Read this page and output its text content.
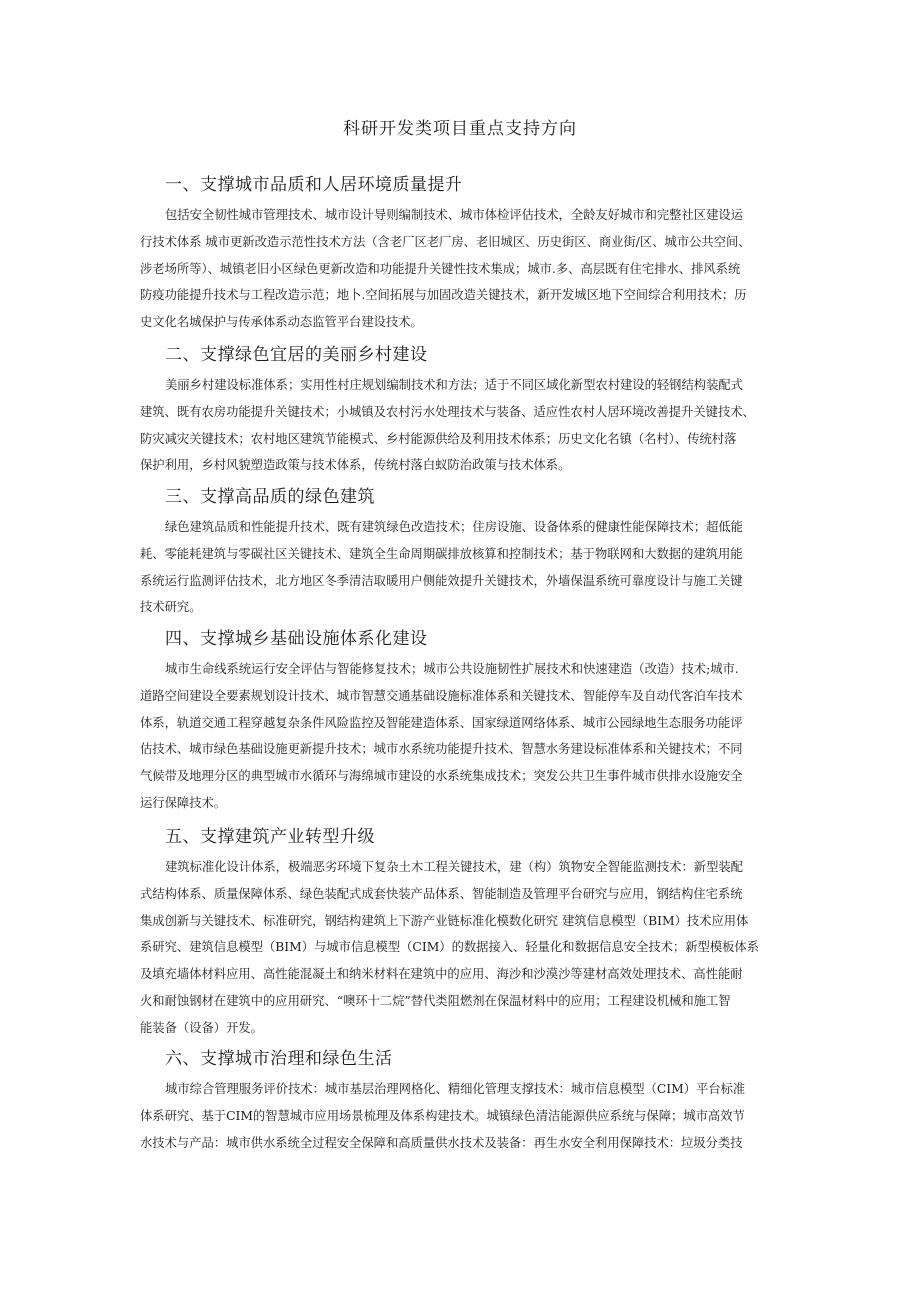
科研开发类项目重点支持方向
一、支撑城市品质和人居环境质量提升
包括安全韧性城市管理技术、城市设计导则编制技术、城市体检评估技术，全龄友好城市和完整社区建设运
行技术体系 城市更新改造示范性技术方法（含老厂区老厂房、老旧城区、历史街区、商业街/区、城市公共空间、
涉老场所等）、城镇老旧小区绿色更新改造和功能提升关键性技术集成；城市.多、高层既有住宅排水、排风系统
防疫功能提升技术与工程改造示范；地卜.空间拓展与加固改造关键技术，新开发城区地下空间综合利用技术；历
史文化名城保护与传承体系动态监管平台建设技术。
二、支撑绿色宜居的美丽乡村建设
美丽乡村建设标准体系；实用性村庄规划编制技术和方法；适于不同区域化新型农村建设的轻钢结构装配式
建筑、既有农房功能提升关键技术；小城镇及农村污水处理技术与装备、适应性农村人居环境改善提升关键技术、
防灾减灾关键技术；农村地区建筑节能模式、乡村能源供给及利用技术体系；历史文化名镇（名村）、传统村落
保护利用，乡村风貌塑造政策与技术体系，传统村落白蚁防治政策与技术体系。
三、支撑高品质的绿色建筑
绿色建筑品质和性能提升技术、既有建筑绿色改造技术；住房设施、设备体系的健康性能保障技术；超低能
耗、零能耗建筑与零碳社区关键技术、建筑全生命周期碳排放核算和控制技术；基于物联网和大数据的建筑用能
系统运行监测评估技术，北方地区冬季清洁取暖用户侧能效提升关键技术，外墙保温系统可靠度设计与施工关键
技术研究。
四、支撑城乡基础设施体系化建设
城市生命线系统运行安全评估与智能修复技术；城市公共设施韧性扩展技术和快速建造（改造）技术;城市.
道路空间建设全要素规划设计技术、城市智慧交通基础设施标准体系和关键技术、智能停车及自动代客泊车技术
体系，轨道交通工程穿越复杂条件风险监控及智能建造体系、国家绿道网络体系、城市公园绿地生态服务功能评
估技术、城市绿色基础设施更新提升技术；城市水系统功能提升技术、智慧水务建设标准体系和关键技术；不同
气候带及地理分区的典型城市水循环与海绵城市建设的水系统集成技术；突发公共卫生事件城市供排水设施安全
运行保障技术。
五、支撑建筑产业转型升级
建筑标准化设计体系，极端恶劣环境下复杂土木工程关键技术，建（构）筑物安全智能监测技术：新型装配
式结构体系、质量保障体系、绿色装配式成套快装产品体系、智能制造及管理平台研究与应用，钢结构住宅系统
集成创新与关键技术、标准研究，钢结构建筑上下游产业链标准化模数化研究 建筑信息模型（BIM）技术应用体
系研究、建筑信息模型（BIM）与城市信息模型（CIM）的数据接入、轻量化和数据信息安全技术；新型模板体系
及填充墙体材料应用、高性能混凝土和纳米材料在建筑中的应用、海沙和沙漠沙等建材高效处理技术、高性能耐
火和耐蚀钢材在建筑中的应用研究、“噢环十二烷”替代类阻燃剂在保温材料中的应用；工程建设机械和施工智
能装备（设备）开发。
六、支撑城市治理和绿色生活
城市综合管理服务评价技术：城市基层治理网格化、精细化管理支撑技术：城市信息模型（CIM）平台标准
体系研究、基于CIM的智慧城市应用场景梳理及体系构建技术。城镇绿色清洁能源供应系统与保障；城市高效节
水技术与产品：城市供水系统全过程安全保障和高质量供水技术及装备：再生水安全利用保障技术：垃圾分类技
